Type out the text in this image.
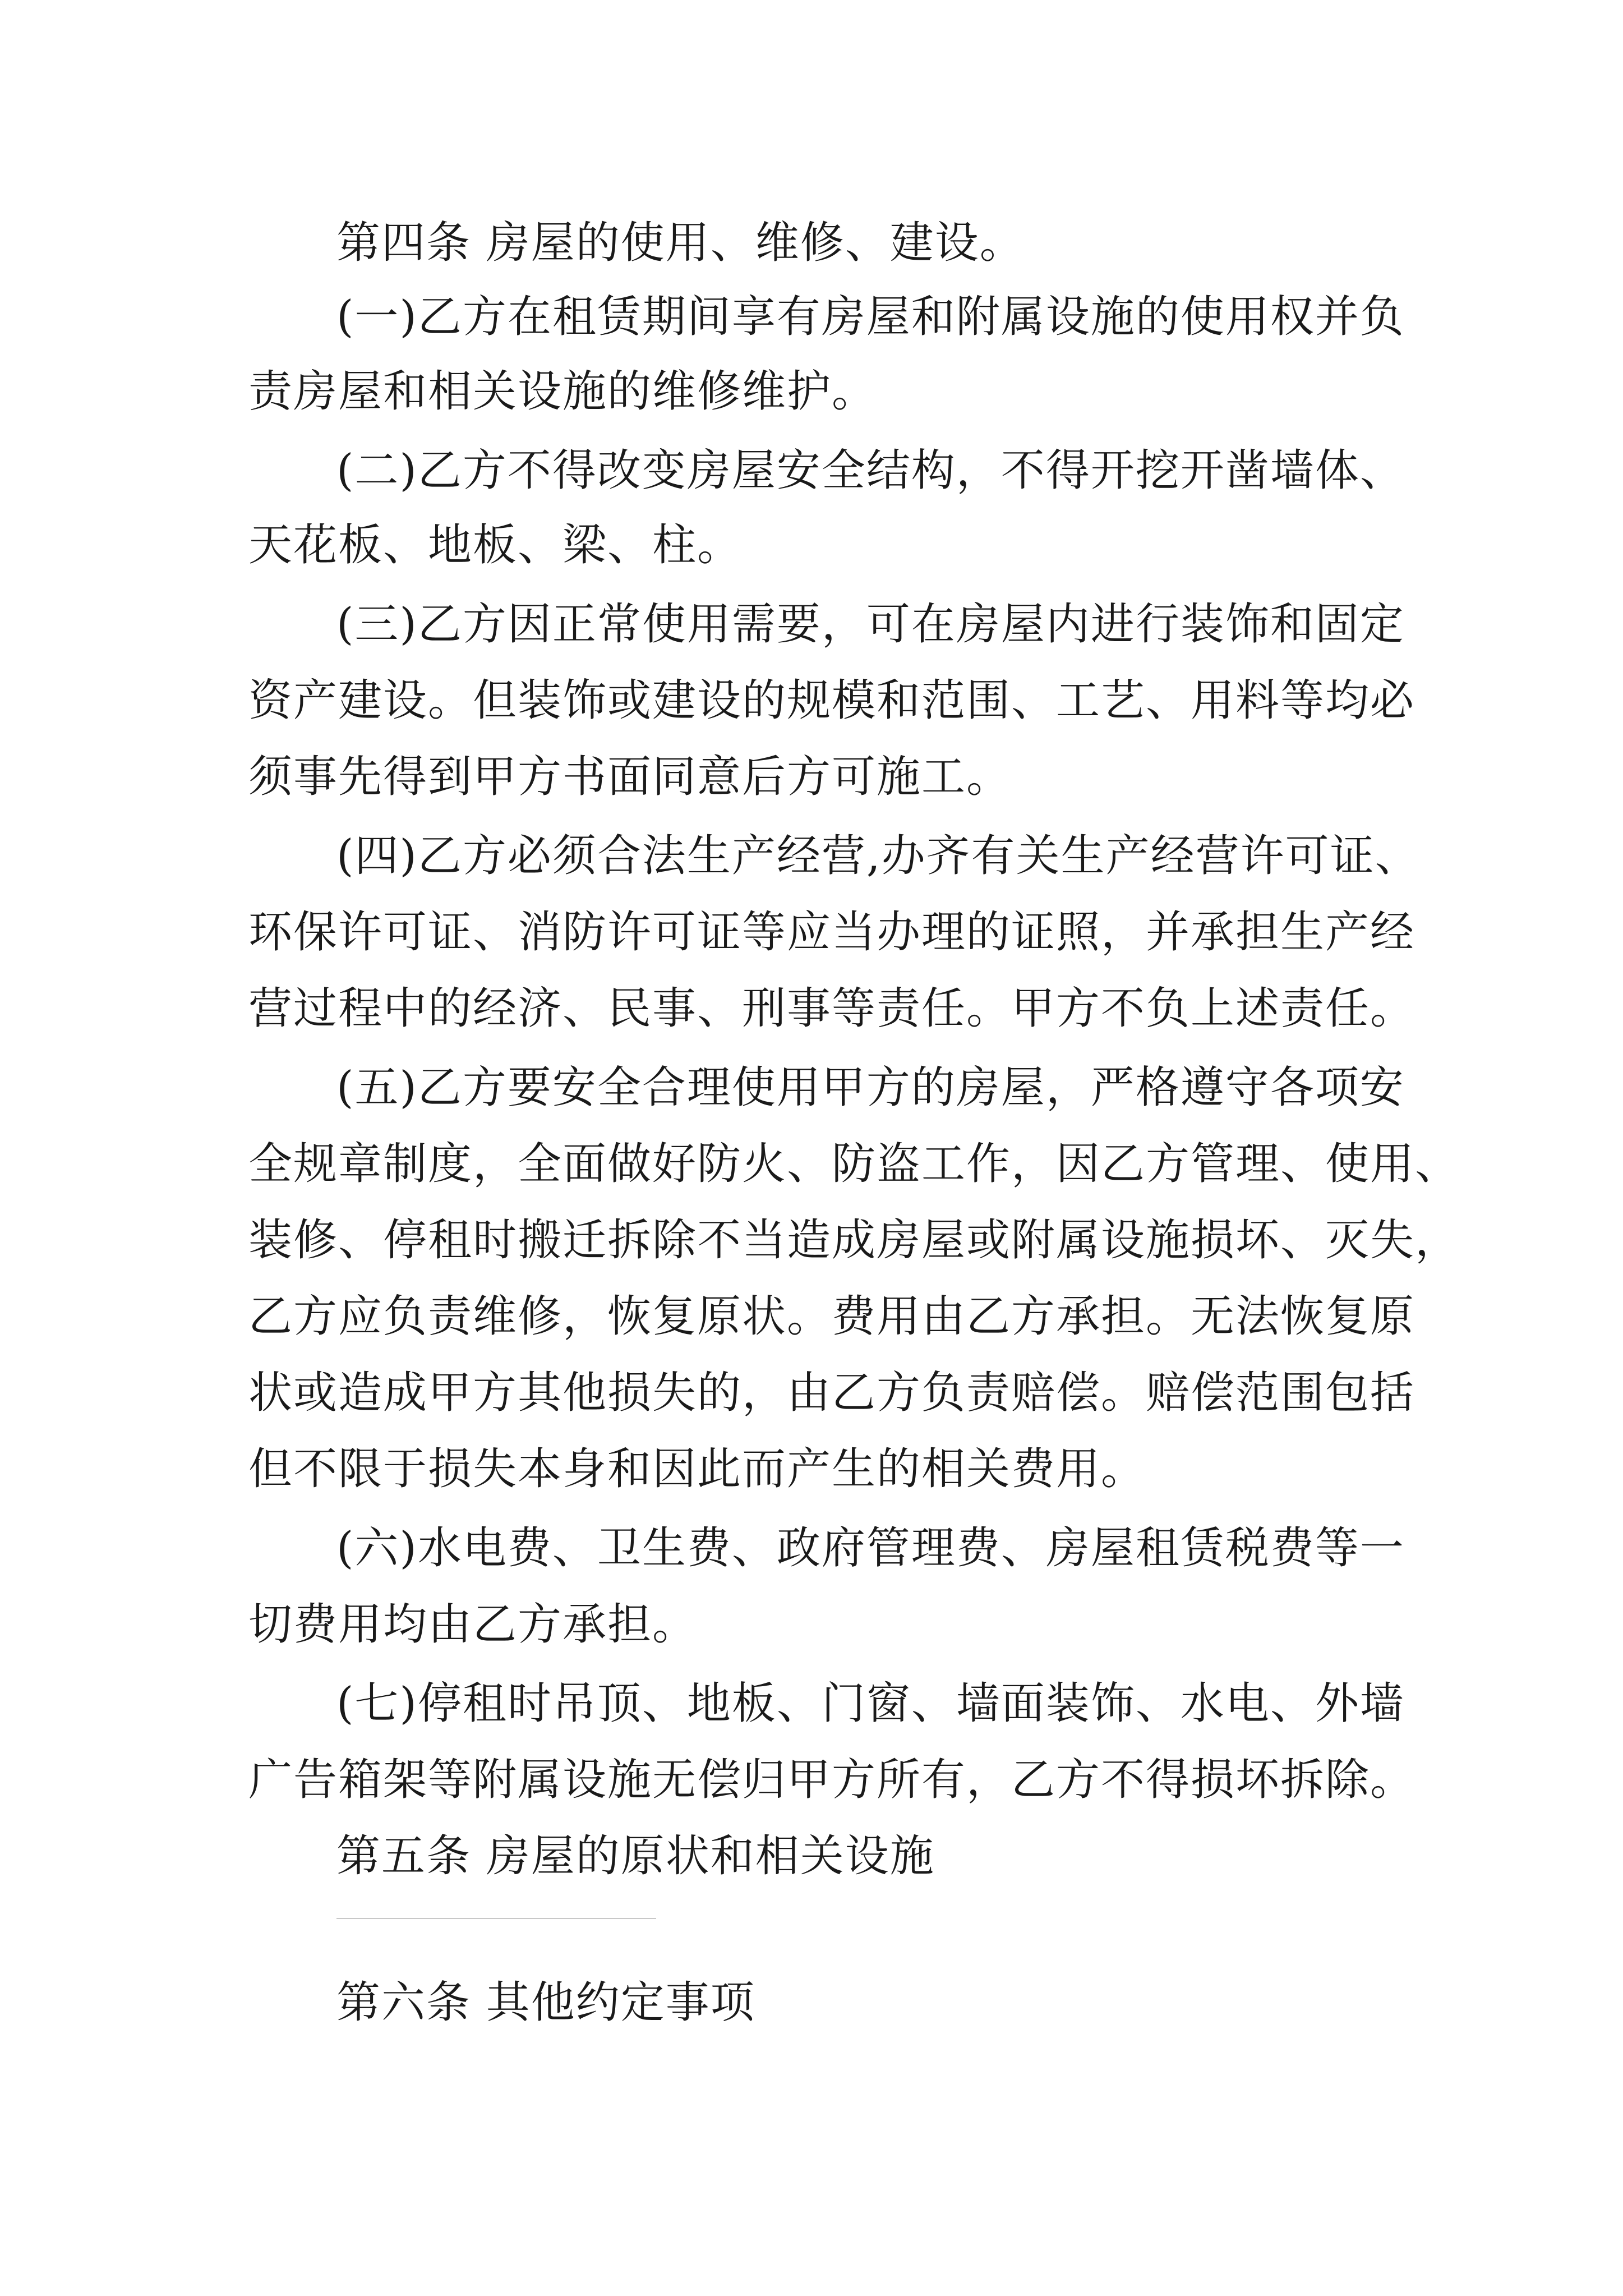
第四条 房屋的使用、维修、建设。
(一)乙方在租赁期间享有房屋和附属设施的使用权并负
责房屋和相关设施的维修维护。
(二)乙方不得改变房屋安全结构，不得开挖开凿墙体、
天花板、地板、梁、柱。
(三)乙方因正常使用需要，可在房屋内进行装饰和固定
资产建设。但装饰或建设的规模和范围、工艺、用料等均必
须事先得到甲方书面同意后方可施工。
(四)乙方必须合法生产经营,办齐有关生产经营许可证、
环保许可证、消防许可证等应当办理的证照，并承担生产经
营过程中的经济、民事、刑事等责任。甲方不负上述责任。
(五)乙方要安全合理使用甲方的房屋，严格遵守各项安
全规章制度，全面做好防火、防盗工作，因乙方管理、使用、
装修、停租时搬迁拆除不当造成房屋或附属设施损坏、灭失，
乙方应负责维修，恢复原状。费用由乙方承担。无法恢复原
状或造成甲方其他损失的，由乙方负责赔偿。赔偿范围包括
但不限于损失本身和因此而产生的相关费用。
(六)水电费、卫生费、政府管理费、房屋租赁税费等一
切费用均由乙方承担。
(七)停租时吊顶、地板、门窗、墙面装饰、水电、外墙
广告箱架等附属设施无偿归甲方所有，乙方不得损坏拆除。
第五条 房屋的原状和相关设施
第六条 其他约定事项
